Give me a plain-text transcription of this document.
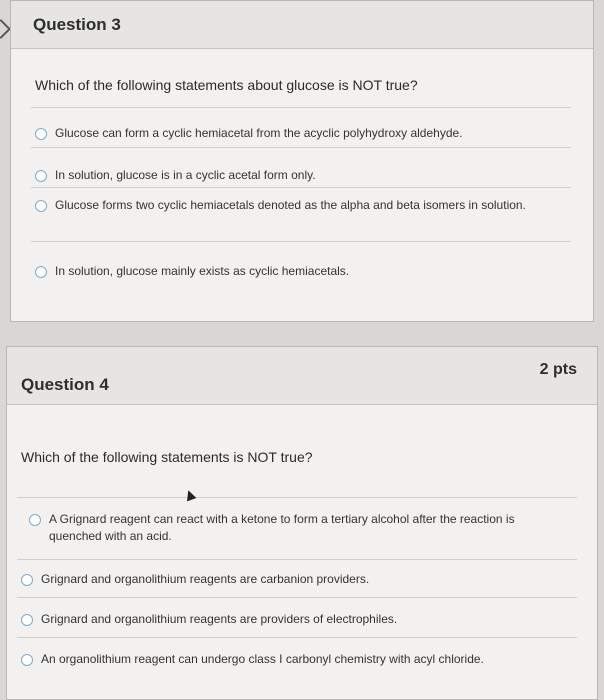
Question 3
Which of the following statements about glucose is NOT true?
Glucose can form a cyclic hemiacetal from the acyclic polyhydroxy aldehyde.
In solution, glucose is in a cyclic acetal form only.
Glucose forms two cyclic hemiacetals denoted as the alpha and beta isomers in solution.
In solution, glucose mainly exists as cyclic hemiacetals.
Question 4
2 pts
Which of the following statements is NOT true?
A Grignard reagent can react with a ketone to form a tertiary alcohol after the reaction is quenched with an acid.
Grignard and organolithium reagents are carbanion providers.
Grignard and organolithium reagents are providers of electrophiles.
An organolithium reagent can undergo class I carbonyl chemistry with acyl chloride.
